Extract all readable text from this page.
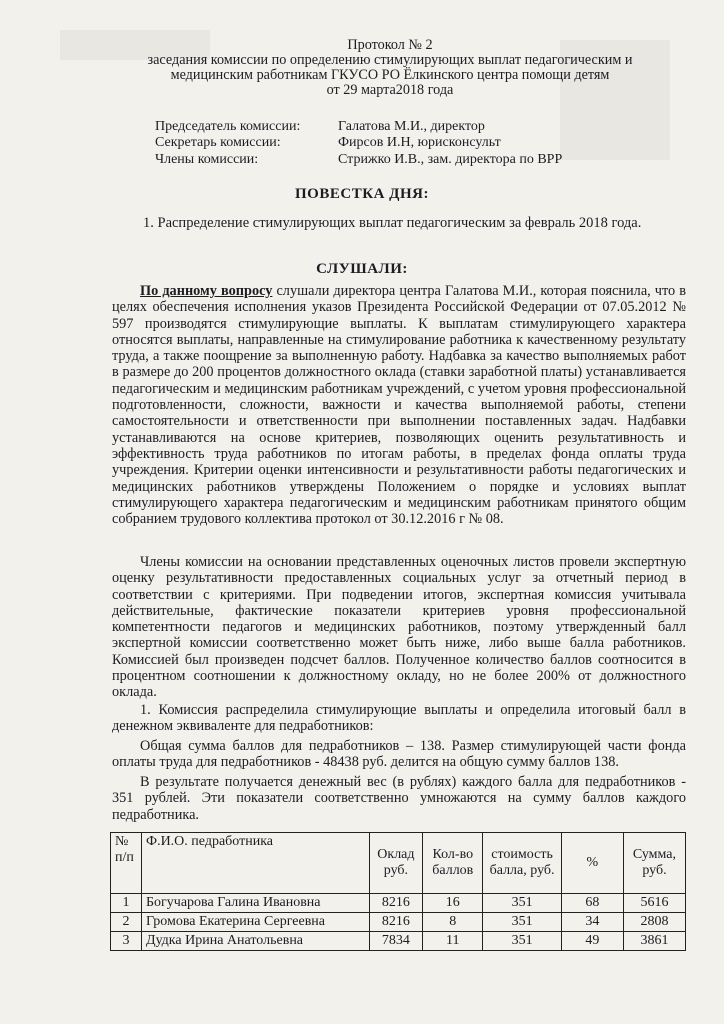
Протокол № 2
заседания комиссии по определению стимулирующих выплат педагогическим и
медицинским работникам ГКУСО РО Ёлкинского центра помощи детям
от 29 марта2018 года
Председатель комиссии:	Галатова М.И., директор
Секретарь комиссии:	Фирсов И.Н, юрисконсульт
Члены комиссии:	Стрижко И.В., зам. директора по ВРР
ПОВЕСТКА ДНЯ:
1. Распределение стимулирующих выплат педагогическим за февраль 2018 года.
СЛУШАЛИ:

По данному вопросу слушали директора центра Галатова М.И., которая пояснила, что в целях обеспечения исполнения указов Президента Российской Федерации от 07.05.2012 № 597 производятся стимулирующие выплаты. К выплатам стимулирующего характера относятся выплаты, направленные на стимулирование работника к качественному результату труда, а также поощрение за выполненную работу. Надбавка за качество выполняемых работ в размере до 200 процентов должностного оклада (ставки заработной платы) устанавливается педагогическим и медицинским работникам учреждений, с учетом уровня профессиональной подготовленности, сложности, важности и качества выполняемой работы, степени самостоятельности и ответственности при выполнении поставленных задач. Надбавки устанавливаются на основе критериев, позволяющих оценить результативность и эффективность труда работников по итогам работы, в пределах фонда оплаты труда учреждения. Критерии оценки интенсивности и результативности работы педагогических и медицинских работников утверждены Положением о порядке и условиях выплат стимулирующего характера педагогическим и медицинским работникам принятого общим собранием трудового коллектива протокол от 30.12.2016 г № 08.

Члены комиссии на основании представленных оценочных листов провели экспертную оценку результативности предоставленных социальных услуг за отчетный период в соответствии с критериями. При подведении итогов, экспертная комиссия учитывала действительные, фактические показатели критериев уровня профессиональной компетентности педагогов и медицинских работников, поэтому утвержденный балл экспертной комиссии соответственно может быть ниже, либо выше балла работников. Комиссией был произведен подсчет баллов. Полученное количество баллов соотносится в процентном соотношении к должностному окладу, но не более 200% от должностного оклада.

1. Комиссия распределила стимулирующие выплаты и определила итоговый балл в денежном эквиваленте для педработников:

Общая сумма баллов для педработников – 138. Размер стимулирующей части фонда оплаты труда для педработников - 48438 руб. делится на общую сумму баллов 138.

В результате получается денежный вес (в рублях) каждого балла для педработников - 351 рублей. Эти показатели соответственно умножаются на сумму баллов каждого педработника.

№ п/п	Ф.И.О. педработника	Оклад руб.	Кол-во баллов	стоимость балла, руб.	%	Сумма, руб.
1	Богучарова Галина Ивановна	8216	16	351	68	5616
2	Громова Екатерина Сергеевна	8216	8	351	34	2808
3	Дудка Ирина Анатольевна	7834	11	351	49	3861
